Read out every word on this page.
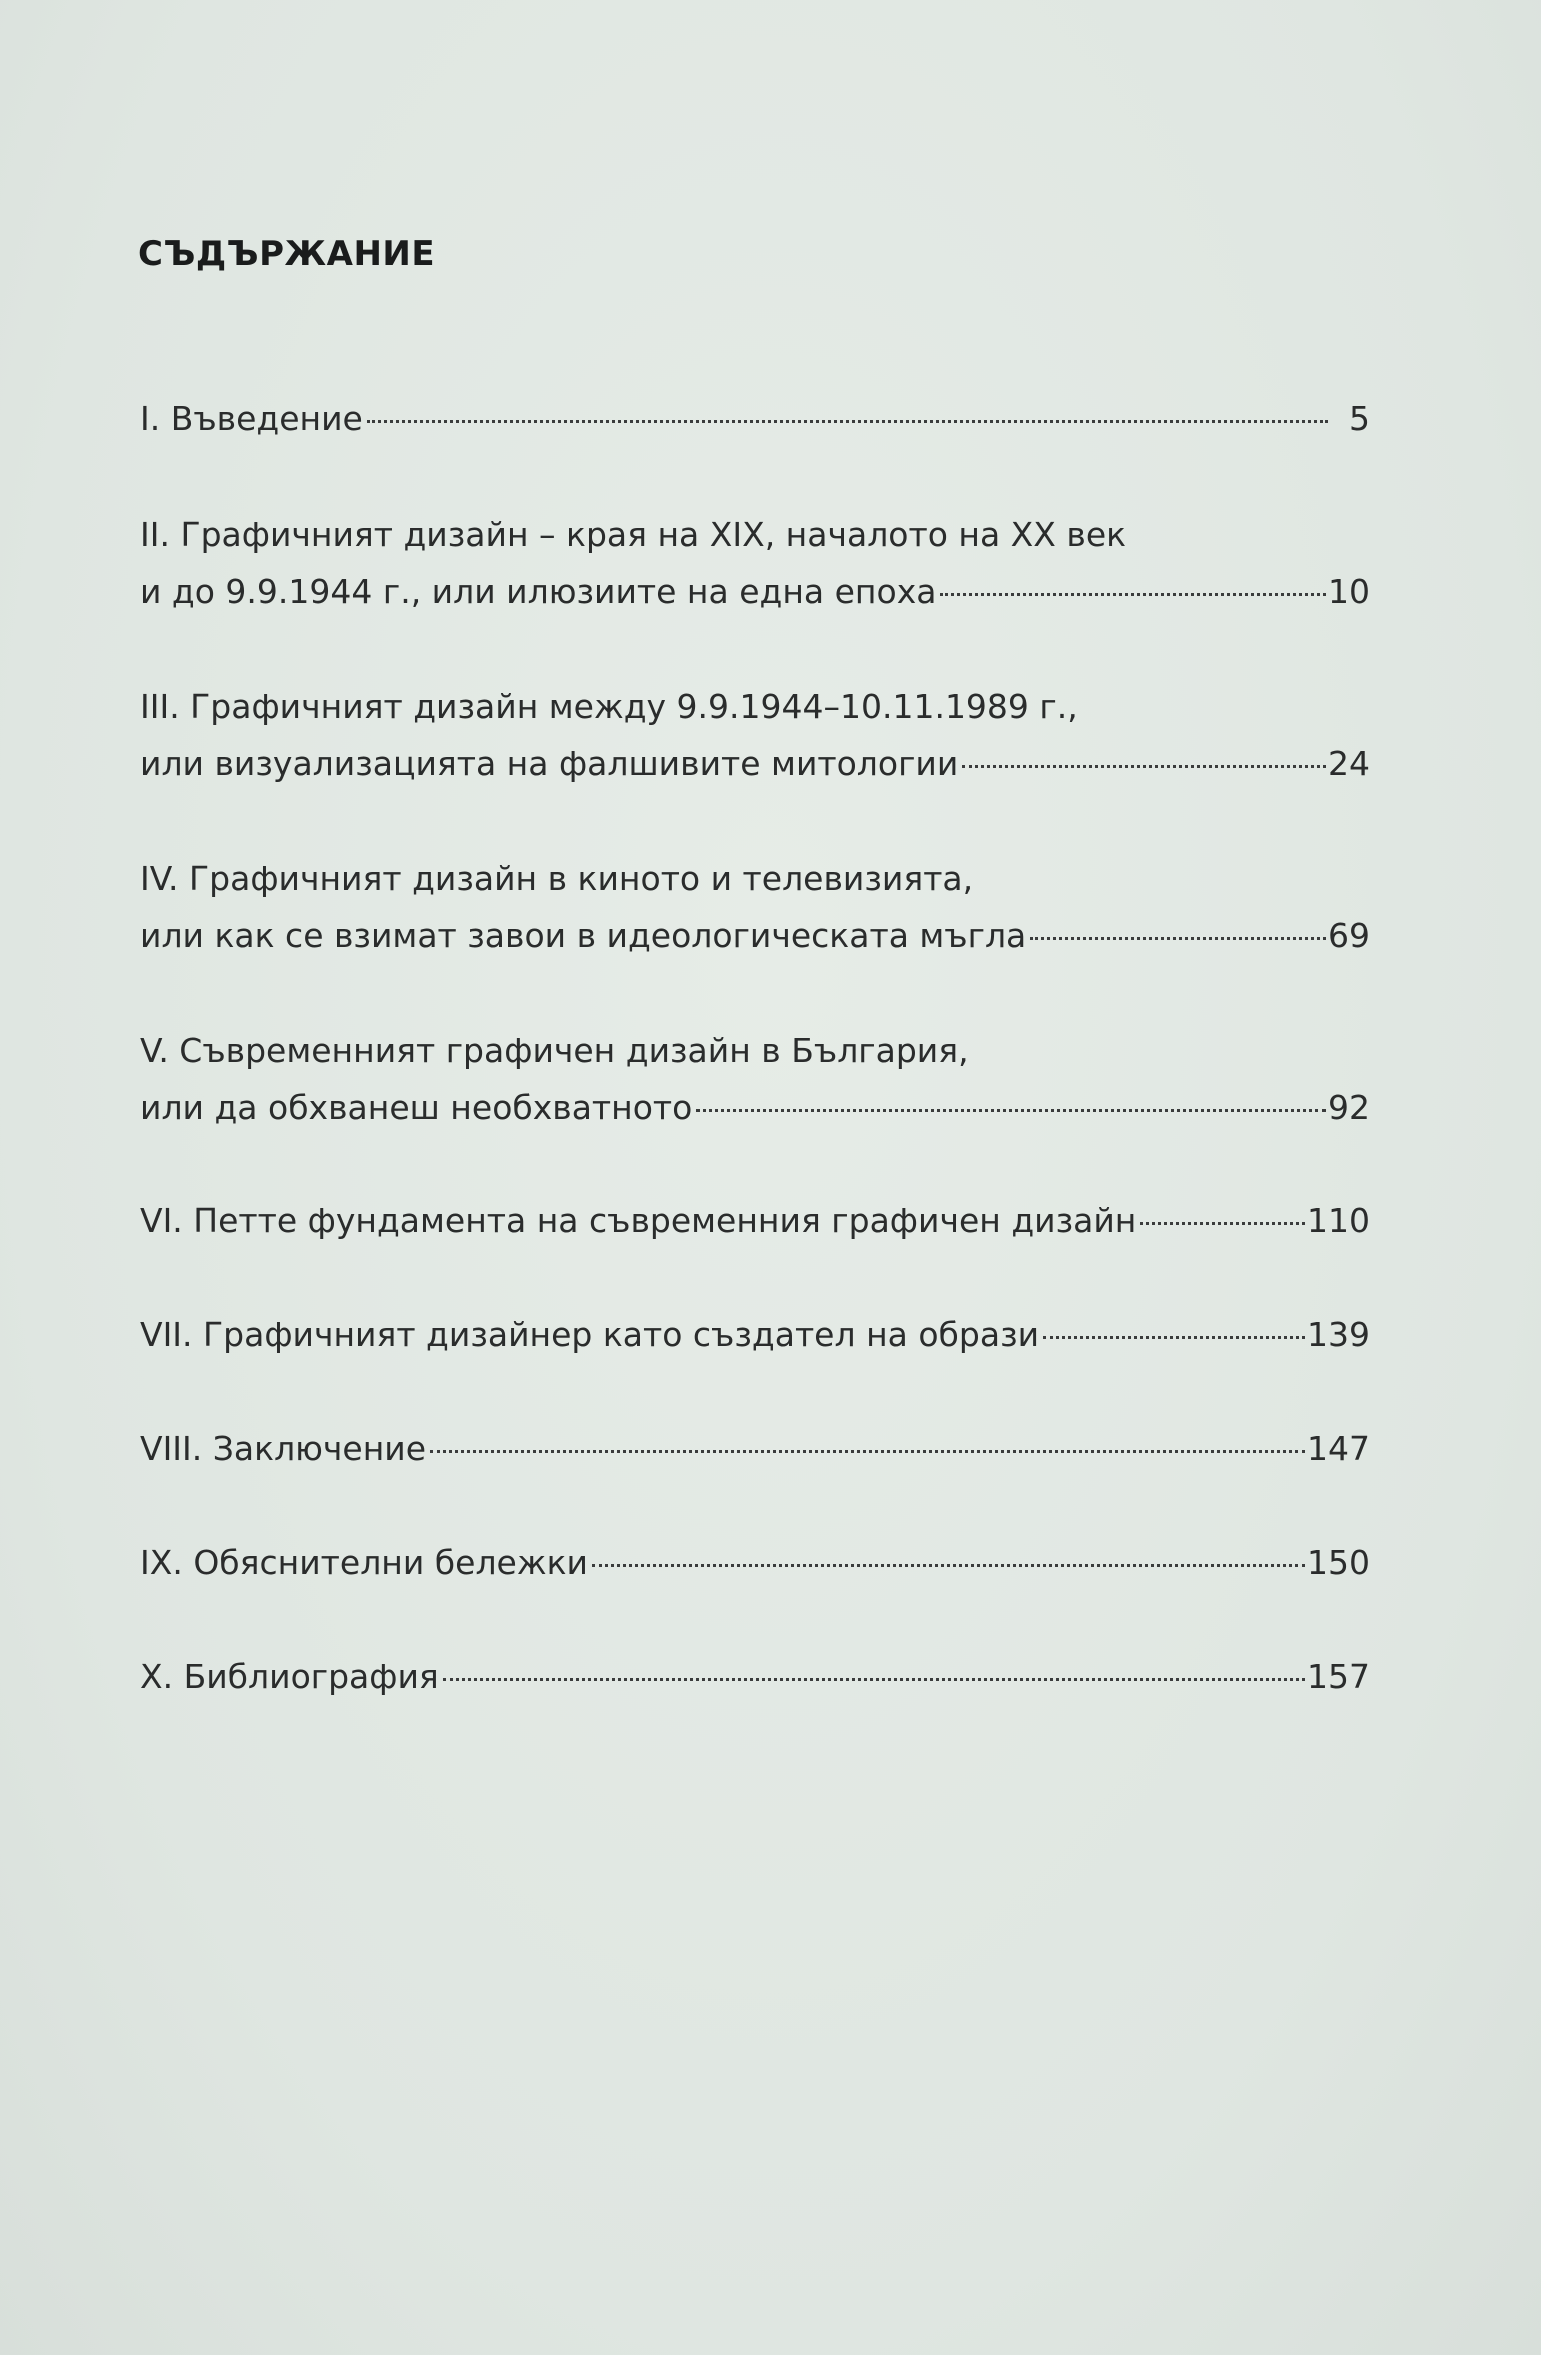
СЪДЪРЖАНИЕ
I. Въведение	5
II. Графичният дизайн – края на XIX, началото на XX век
и до 9.9.1944 г., или илюзиите на една епоха	10
III. Графичният дизайн между 9.9.1944–10.11.1989 г.,
или визуализацията на фалшивите митологии	24
IV. Графичният дизайн в киното и телевизията,
или как се взимат завои в идеологическата мъгла	69
V. Съвременният графичен дизайн в България,
или да обхванеш необхватното	92
VI. Петте фундамента на съвременния графичен дизайн	110
VII. Графичният дизайнер като създател на образи	139
VIII. Заключение	147
IX. Обяснителни бележки	150
X. Библиография	157
